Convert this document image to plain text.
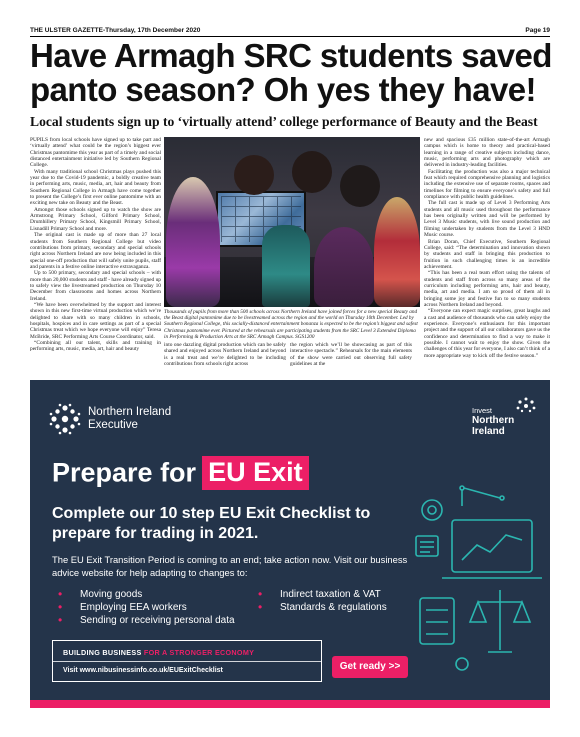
THE ULSTER GAZETTE-Thursday, 17th December 2020	Page 19
Have Armagh SRC students saved panto season? Oh yes they have!
Local students sign up to ‘virtually attend’ college performance of Beauty and the Beast

PUPILS from local schools have signed up to take part and ‘virtually attend’ what could be the region’s biggest ever Christmas pantomime this year as part of a timely and social distanced entertainment initiative led by Southern Regional College.

With many traditional school Christmas plays pushed this year due to the Covid-19 pandemic, a boldly creative team in performing arts, music, media, art, hair and beauty from Southern Regional College in Armagh have come together to present the College’s first ever online pantomime with an exciting new take on Beauty and the Beast.

Amongst those schools signed up to watch the show are Armstrong Primary School, Gilford Primary School, Drumhillery Primary School, Kingsmill Primary School, Lisnadill Primary School and more.

The original cast is made up of more than 27 local students from Southern Regional College but video contributions from primary, secondary and special schools right across Northern Ireland are now being included in this special one-off production that will safely unite pupils, staff and parents in a festive online interactive extravaganza.

Up to 500 primary, secondary and special schools – with more than 20,000 students and staff - have already signed up to safely view the livestreamed production on Thursday 10 December from classrooms and homes across Northern Ireland.

“We have been overwhelmed by the support and interest shown in this new first-time virtual production which we’re delighted to share with so many children in schools, hospitals, hospices and in care settings as part of a special Christmas treat which we hope everyone will enjoy” Teresa McBride, SRC Performing Arts Course Coordinator, said.

“Combining all our talent, skills and training in performing arts, music, media, art, hair and beauty

Thousands of pupils from more than 500 schools across Northern Ireland have joined forces for a new special Beauty and the Beast digital pantomime due to be livestreamed across the region and the world on Thursday 10th December. Led by Southern Regional College, this socially-distanced entertainment bonanza is expected to be the region’s biggest and safest Christmas pantomime ever. Pictured at the rehearsals are participating students from the SRC Level 3 Extended Diploma in Performing & Production Arts at the SRC Armagh Campus. SGS1200

into one dazzling digital production which can be safely shared and enjoyed across Northern Ireland and beyond is a real treat and we’re delighted to be including contributions from schools right across

the region which we’ll be showcasing as part of this interactive spectacle.” Rehearsals for the main elements of the show were carried out observing full safety guidelines at the

new and spacious £35 million state-of-the-art Armagh campus which is home to theory and practical-based learning in a range of creative subjects including dance, music, performing arts and photography which are delivered in industry-leading facilities.

Facilitating the production was also a major technical feat which required comprehensive planning and logistics including the extensive use of separate rooms, spaces and timelines for filming to ensure everyone’s safety and full compliance with public health guidelines.

The full cast is made up of Level 3 Performing Arts students and all music used throughout the performance has been originally written and will be performed by Level 3 Music students, with live sound production and filming undertaken by students from the Level 3 HND Music course.

Brian Doran, Chief Executive, Southern Regional College, said: “The determination and innovation shown by students and staff in bringing this production to fruition in such challenging times is an incredible achievement.

“This has been a real team effort using the talents of students and staff from across so many areas of the curriculum including performing arts, hair and beauty, media, art and media. I am so proud of them all in bringing some joy and festive fun to so many students across Northern Ireland and beyond.

“Everyone can expect magic surprises, great laughs and a cast and audience of thousands who can safely enjoy the experience. Everyone’s enthusiasm for this important project and the support of all our collaborators gave us the confidence and determination to find a way to make it possible. I cannot wait to enjoy the show. Given the challenges of this year for everyone, I also can’t think of a more appropriate way to kick off the festive season.”

Northern Ireland
Executive
Invest
Northern
Ireland
Prepare for EU Exit
Complete our 10 step EU Exit Checklist to prepare for trading in 2021.
The EU Exit Transition Period is coming to an end; take action now. Visit our business advice website for help adapting to changes to:
• Moving goods
• Employing EEA workers
• Sending or receiving personal data
• Indirect taxation & VAT
• Standards & regulations
BUILDING BUSINESS FOR A STRONGER ECONOMY
Visit www.nibusinessinfo.co.uk/EUExitChecklist	Get ready >>
